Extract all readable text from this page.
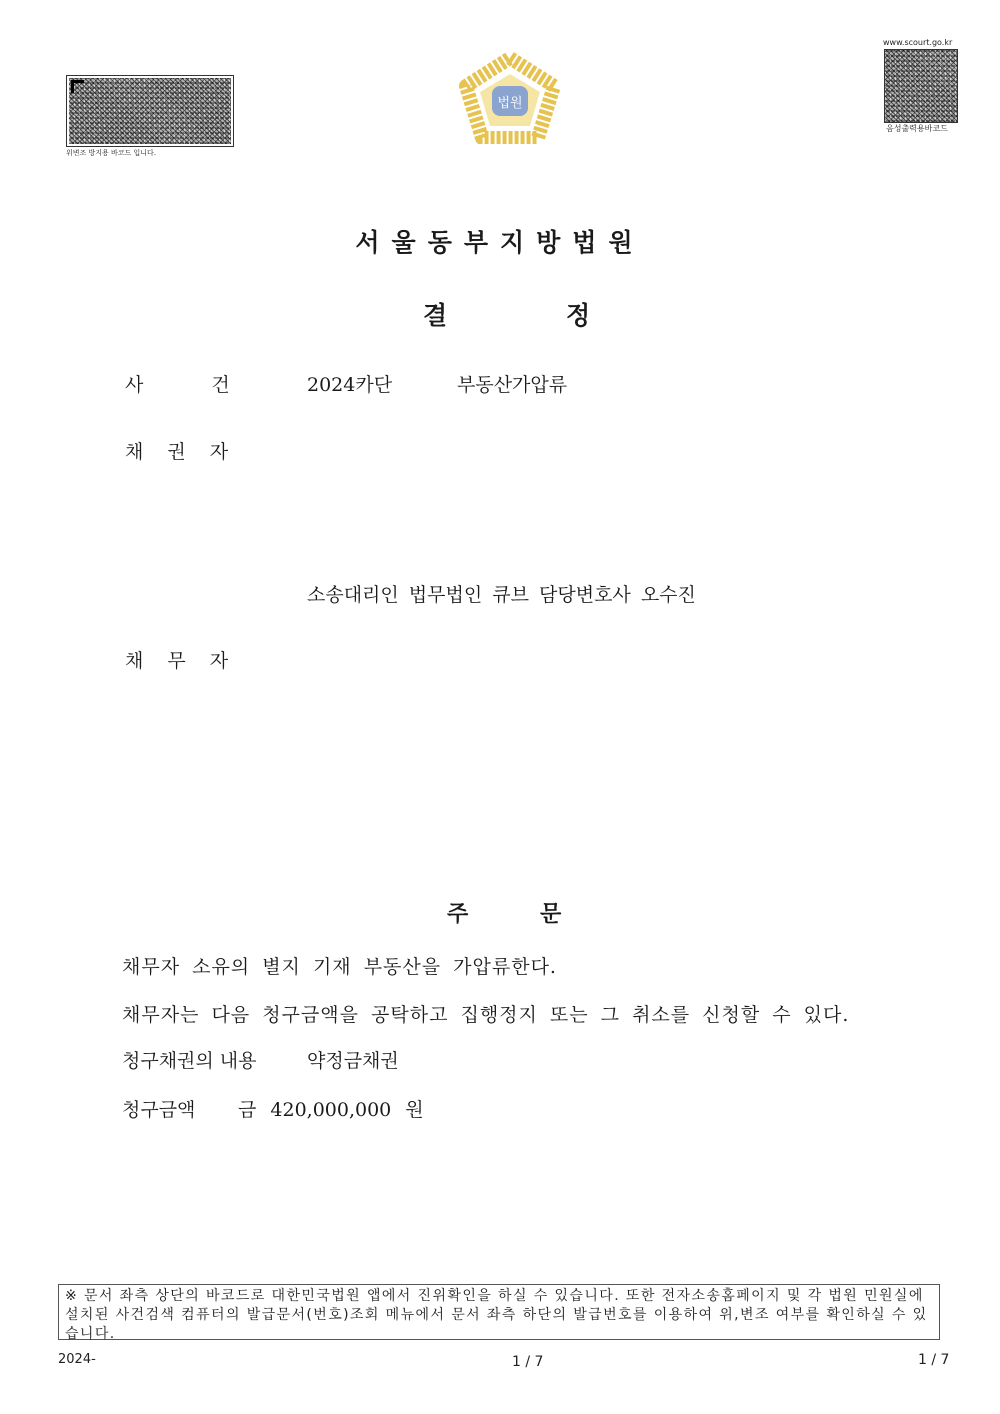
위변조 방지용 바코드 입니다.
법원
www.scourt.go.kr
음성출력용바코드
서울동부지방법원
결	정
사 건	2024카단	부동산가압류
채 권 자
소송대리인 법무법인 큐브 담당변호사 오수진
채 무 자
주	문
채무자 소유의 별지 기재 부동산을 가압류한다.
채무자는 다음 청구금액을 공탁하고 집행정지 또는 그 취소를 신청할 수 있다.
청구채권의 내용	약정금채권
청구금액 금 420,000,000 원
※ 문서 좌측 상단의 바코드로 대한민국법원 앱에서 진위확인을 하실 수 있습니다. 또한 전자소송홈페이지 및 각 법원 민원실에 설치된 사건검색 컴퓨터의 발급문서(번호)조회 메뉴에서 문서 좌측 하단의 발급번호를 이용하여 위,변조 여부를 확인하실 수 있습니다.
2024-	1 / 7	1 / 7
